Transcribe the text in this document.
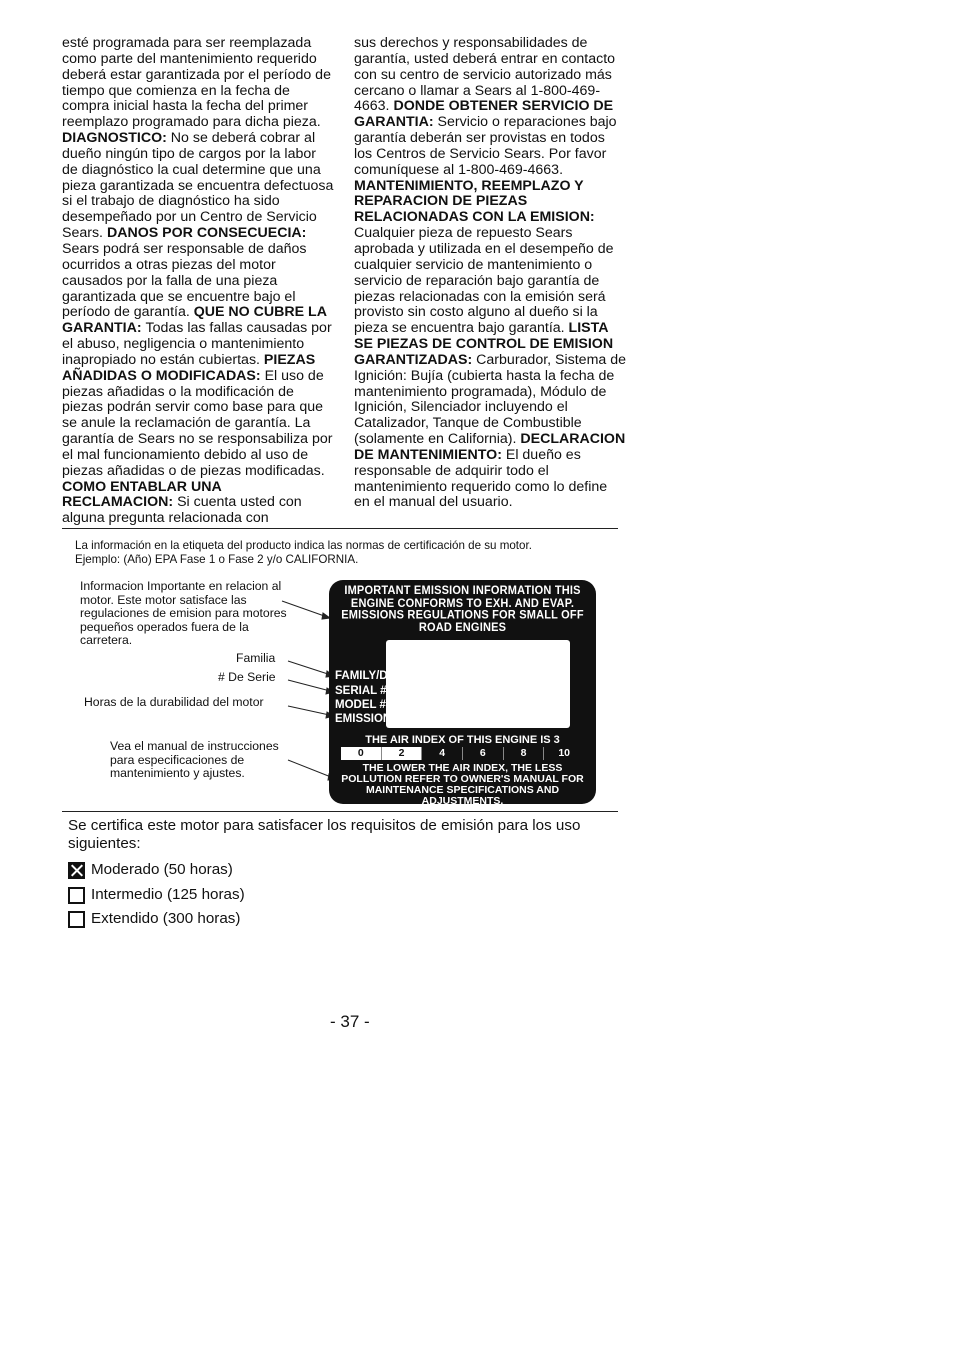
esté programada para ser reemplazada como parte del mantenimiento requerido deberá estar garantizada por el período de tiempo que comienza en la fecha de compra inicial hasta la fecha del primer reemplazo programado para dicha pieza. DIAGNOSTICO: No se deberá cobrar al dueño ningún tipo de cargos por la labor de diagnóstico la cual determine que una pieza garantizada se encuentra defectuosa si el trabajo de diagnóstico ha sido desempeñado por un Centro de Servicio Sears. DANOS POR CONSECUECIA: Sears podrá ser responsable de daños ocurridos a otras piezas del motor causados por la falla de una pieza garantizada que se encuentre bajo el período de garantía. QUE NO CUBRE LA GARANTIA: Todas las fallas causadas por el abuso, negligencia o mantenimiento inapropiado no están cubiertas. PIEZAS AÑADIDAS O MODIFICADAS: El uso de piezas añadidas o la modificación de piezas podrán servir como base para que se anule la reclamación de garantía. La garantía de Sears no se responsabiliza por el mal funcionamiento debido al uso de piezas añadidas o de piezas modificadas. COMO ENTABLAR UNA RECLAMACION: Si cuenta usted con alguna pregunta relacionada con
sus derechos y responsabilidades de garantía, usted deberá entrar en contacto con su centro de servicio autorizado más cercano o llamar a Sears al 1-800-469-4663. DONDE OBTENER SERVICIO DE GARANTIA: Servicio o reparaciones bajo garantía deberán ser provistas en todos los Centros de Servicio Sears. Por favor comuníquese al 1-800-469-4663. MANTENIMIENTO, REEMPLAZO Y REPARACION DE PIEZAS RELACIONADAS CON LA EMISION: Cualquier pieza de repuesto Sears aprobada y utilizada en el desempeño de cualquier servicio de mantenimiento o servicio de reparación bajo garantía de piezas relacionadas con la emisión será provisto sin costo alguno al dueño si la pieza se encuentra bajo garantía. LISTA SE PIEZAS DE CONTROL DE EMISION GARANTIZADAS: Carburador, Sistema de Ignición: Bujía (cubierta hasta la fecha de mantenimiento programada), Módulo de Ignición, Silenciador incluyendo el Catalizador, Tanque de Combustible (solamente en California). DECLARACION DE MANTENIMIENTO: El dueño es responsable de adquirir todo el mantenimiento requerido como lo define en el manual del usuario.
La información en la etiqueta del producto indica las normas de certificación de su motor.
Ejemplo: (Año) EPA Fase 1 o Fase 2 y/o CALIFORNIA.
Informacion Importante en relacion al motor. Este motor satisface las regulaciones de emision para motores pequeños operados fuera de la carretera.
Familia
# De Serie
Horas de la durabilidad del motor
Vea el manual de instrucciones para especificaciones de mantenimiento y ajustes.
IMPORTANT EMISSION INFORMATION THIS ENGINE CONFORMS TO EXH. AND EVAP. EMISSIONS REGULATIONS FOR SMALL OFF ROAD ENGINES
FAMILY/DISP.
SERIAL #
MODEL #
EMISSION
THE AIR INDEX OF THIS ENGINE IS 3
0	2	4	6	8	10
THE LOWER THE AIR INDEX, THE LESS POLLUTION REFER TO OWNER'S MANUAL FOR MAINTENANCE SPECIFICATIONS AND ADJUSTMENTS.
Se certifica este motor para satisfacer los requisitos de emisión para los uso siguientes:
Moderado (50 horas)
Intermedio (125 horas)
Extendido (300 horas)
- 37 -
